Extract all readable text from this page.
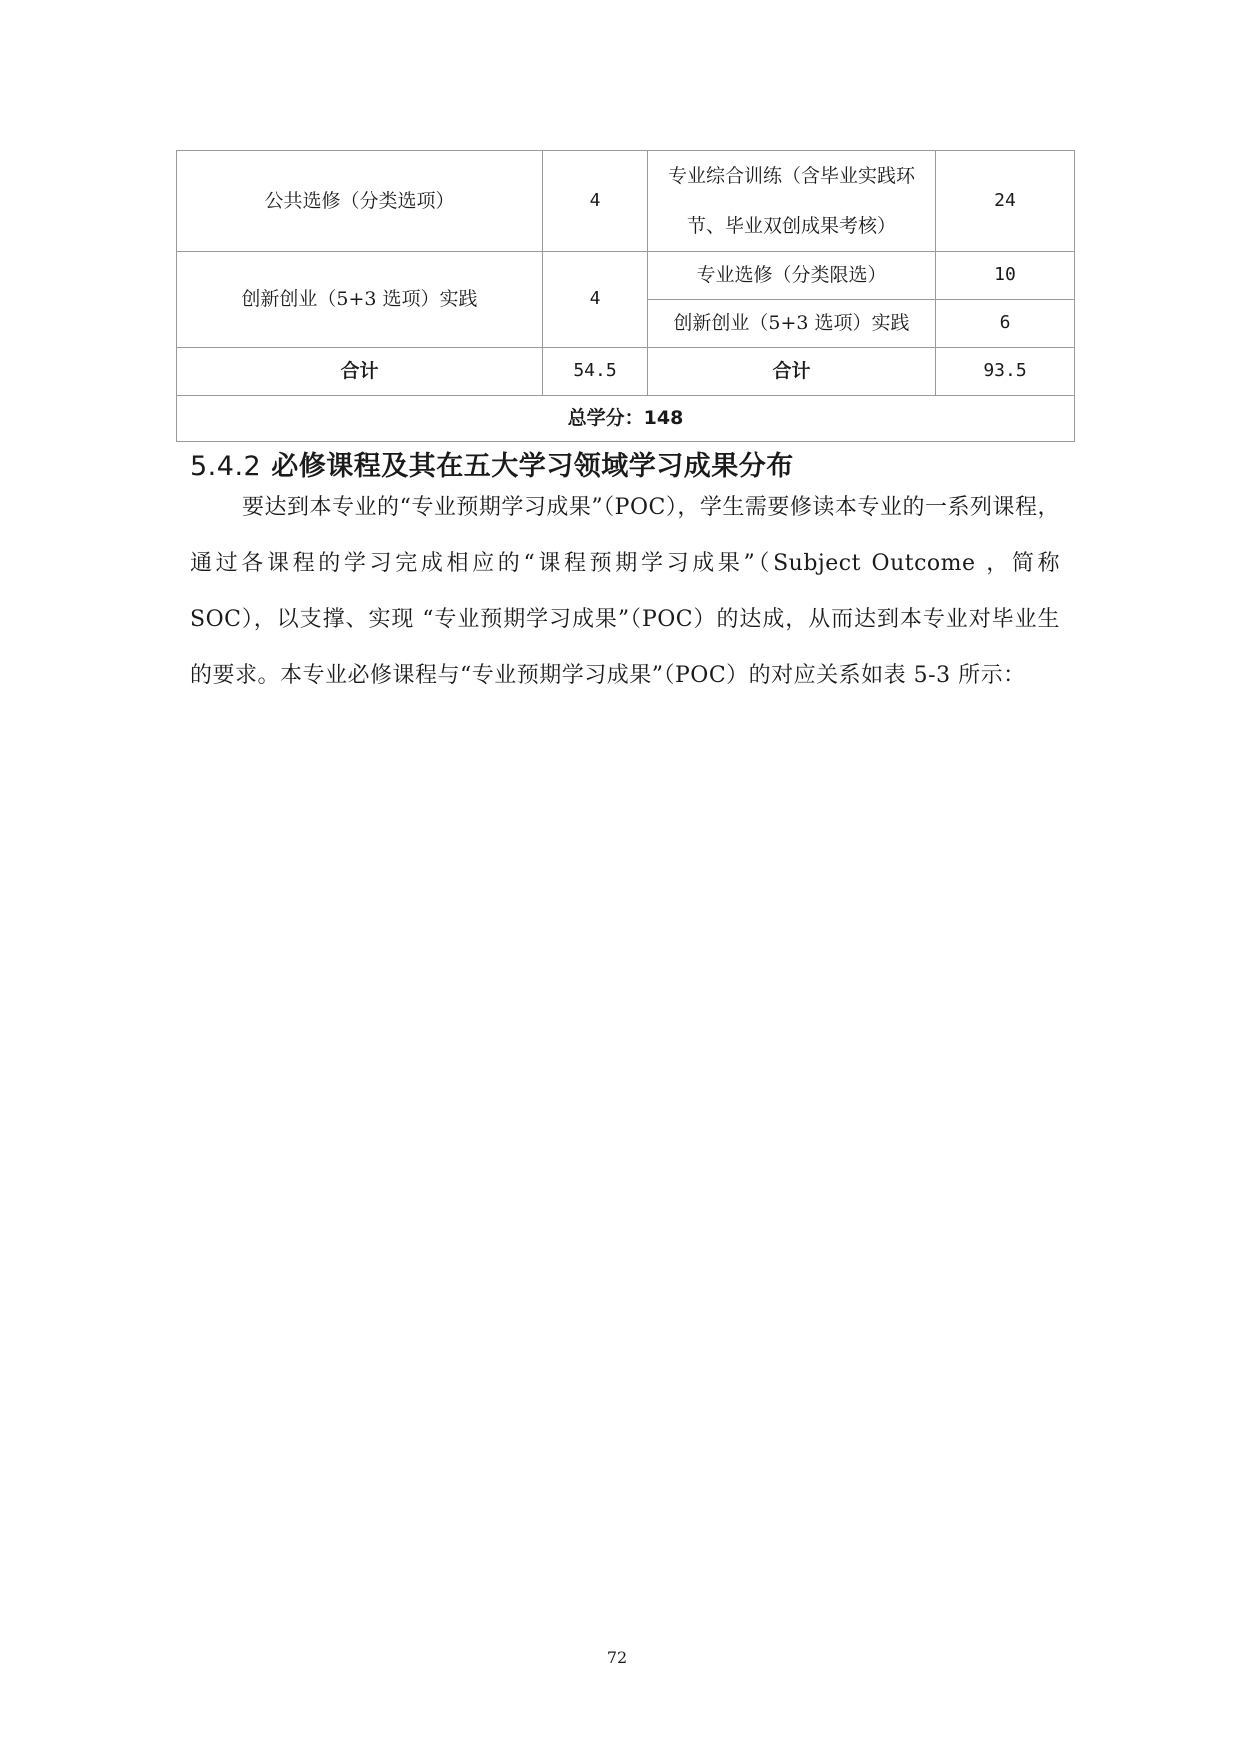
公共选修（分类选项）	4	专业综合训练（含毕业实践环
节、毕业双创成果考核）	24
创新创业（5+3 选项）实践	4	专业选修（分类限选）	10
		创新创业（5+3 选项）实践	6
合计	54.5	合计	93.5
总学分：148			
5.4.2 必修课程及其在五大学习领域学习成果分布

要达到本专业的“专业预期学习成果”（POC），学生需要修读本专业的一系列课程，通过各课程的学习完成相应的“课程预期学习成果”（Subject Outcome ，简称 SOC），以支撑、实现 “专业预期学习成果”（POC）的达成，从而达到本专业对毕业生的要求。本专业必修课程与“专业预期学习成果”（POC）的对应关系如表 5-3 所示：

72
